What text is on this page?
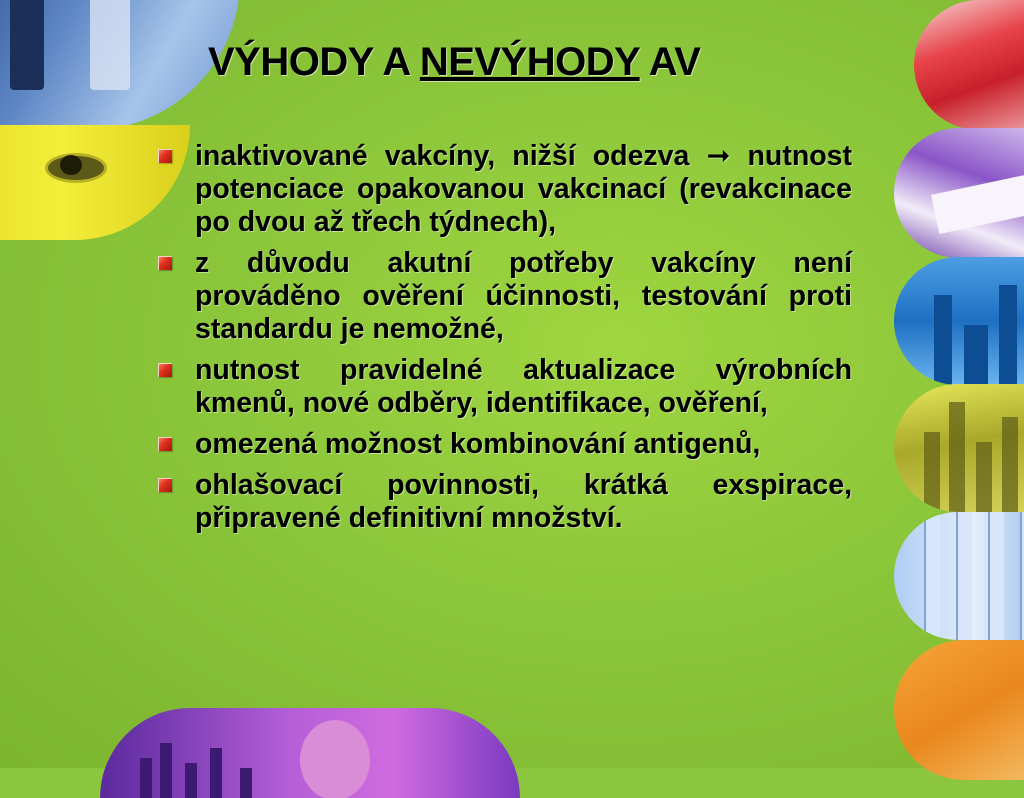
VÝHODY A NEVÝHODY AV
inaktivované vakcíny, nižší odezva ➞ nutnost potenciace opakovanou vakcinací (revakcinace po dvou až třech týdnech),
z důvodu akutní potřeby vakcíny není prováděno ověření účinnosti, testování proti standardu je nemožné,
nutnost pravidelné aktualizace výrobních kmenů, nové odběry, identifikace, ověření,
omezená možnost kombinování antigenů,
ohlašovací povinnosti, krátká exspirace, připravené definitivní množství.
